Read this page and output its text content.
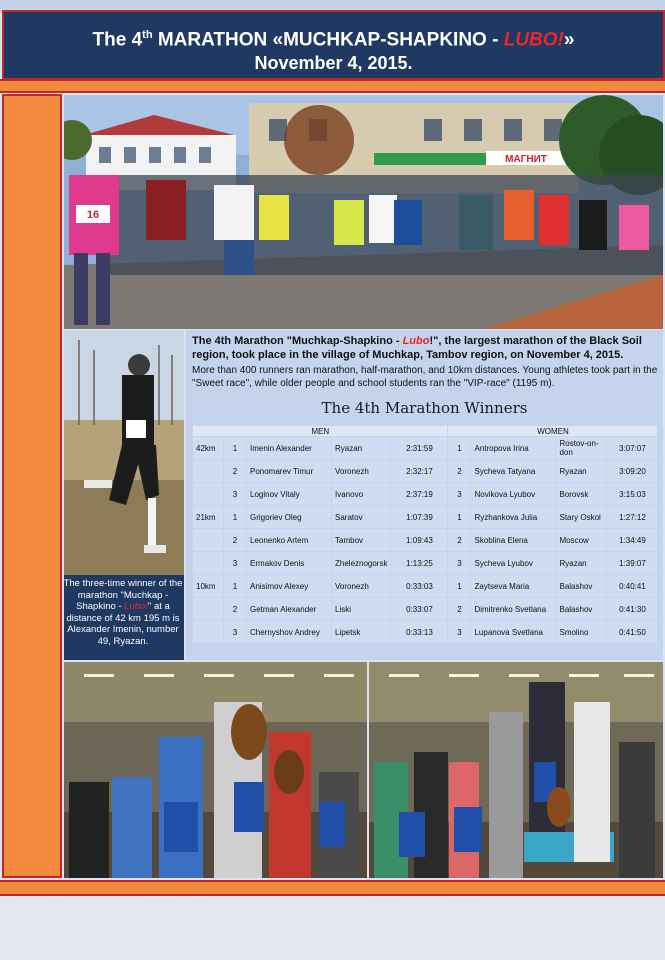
The 4th MARATHON «MUCHKAP-SHAPKINO - LUBO!»
November 4, 2015.
МАГНИТ
16
The three-time winner of the marathon "Muchkap - Shapkino - Lubo!" at a distance of 42 km 195 m is Alexander Imenin, number 49, Ryazan.
The 4th Marathon "Muchkap-Shapkino - Lubo!", the largest marathon of the Black Soil region, took place in the village of Muchkap, Tambov region, on November 4, 2015.
More than 400 runners ran marathon, half-marathon, and 10km distances. Young athletes took part in the "Sweet race", while older people and school students ran the "VIP-race" (1195 m).
The 4th Marathon Winners
MEN					WOMEN			
42km	1	Imenin Alexander	Ryazan	2:31:59	1	Antropova Irina	Rostov-on-don	3:07:07
	2	Ponomarev Timur	Voronezh	2:32:17	2	Sycheva Tatyana	Ryazan	3:09:20
	3	Loginov Vitaly	Ivanovo	2:37:19	3	Novikova Lyubov	Borovsk	3:15:03
21km	1	Grigoriev Oleg	Saratov	1:07:39	1	Ryzhankova Julia	Stary Oskol	1:27:12
	2	Leonenko Artem	Tambov	1:09:43	2	Skoblina Elena	Moscow	1:34:49
	3	Ermakov Denis	Zheleznogorsk	1:13:25	3	Sycheva Lyubov	Ryazan	1:39:07
10km	1	Anisimov Alexey	Voronezh	0:33:03	1	Zaytseva Maria	Balashov	0:40:41
	2	Getman Alexander	Liski	0:33:07	2	Dimitrenko Svetlana	Balashov	0:41:30
	3	Chernyshov Andrey	Lipetsk	0:33:13	3	Lupanova Svetlana	Smolino	0:41:50
